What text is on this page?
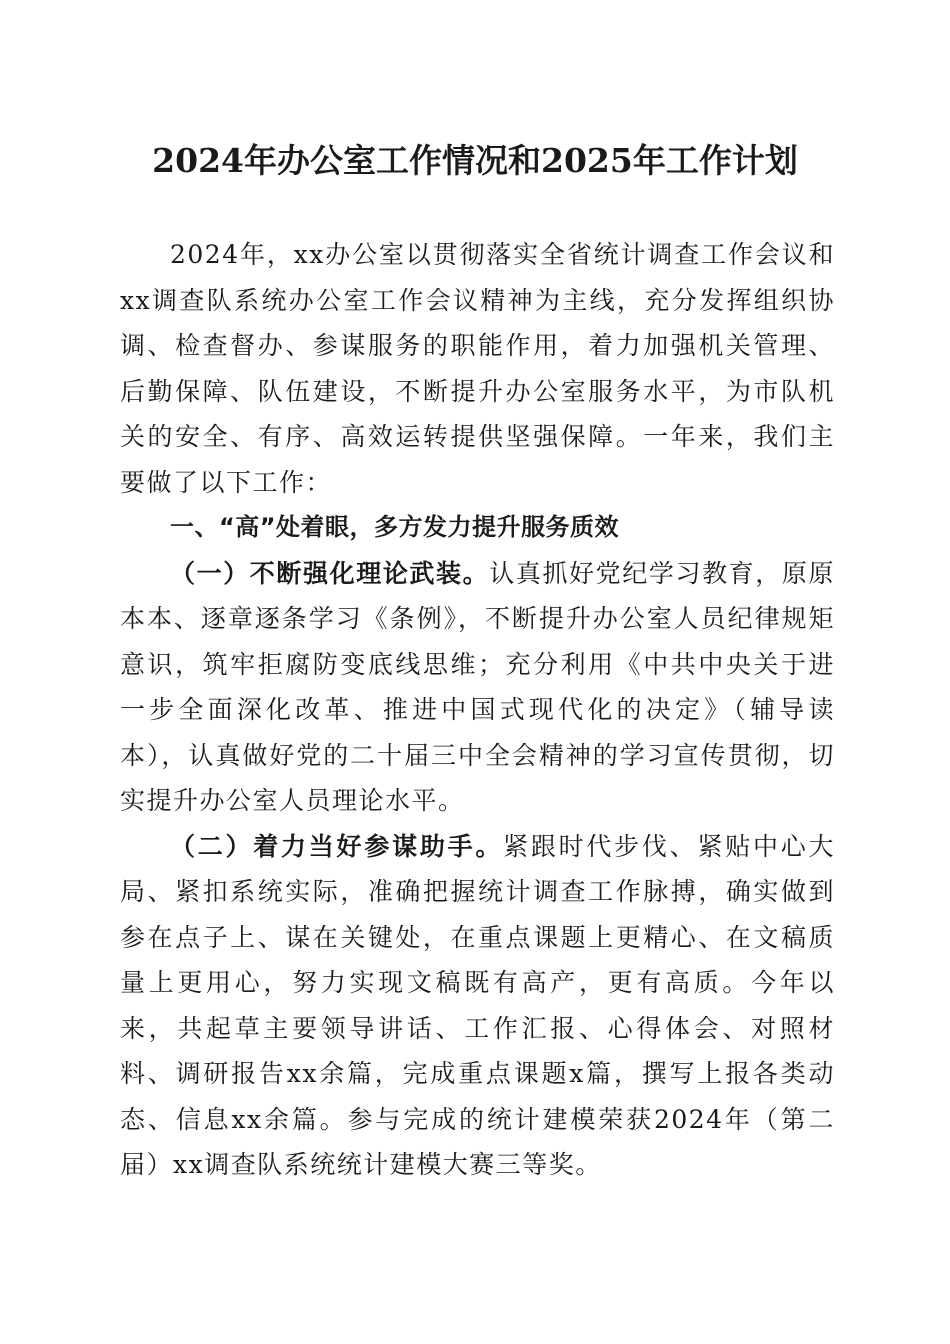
2024年办公室工作情况和2025年工作计划

2024年，xx办公室以贯彻落实全省统计调查工作会议和xx调查队系统办公室工作会议精神为主线，充分发挥组织协调、检查督办、参谋服务的职能作用，着力加强机关管理、后勤保障、队伍建设，不断提升办公室服务水平，为市队机关的安全、有序、高效运转提供坚强保障。一年来，我们主要做了以下工作：

一、“高”处着眼，多方发力提升服务质效

（一）不断强化理论武装。认真抓好党纪学习教育，原原本本、逐章逐条学习《条例》，不断提升办公室人员纪律规矩意识，筑牢拒腐防变底线思维；充分利用《中共中央关于进一步全面深化改革、推进中国式现代化的决定》（辅导读本），认真做好党的二十届三中全会精神的学习宣传贯彻，切实提升办公室人员理论水平。

（二）着力当好参谋助手。紧跟时代步伐、紧贴中心大局、紧扣系统实际，准确把握统计调查工作脉搏，确实做到参在点子上、谋在关键处，在重点课题上更精心、在文稿质量上更用心，努力实现文稿既有高产，更有高质。今年以来，共起草主要领导讲话、工作汇报、心得体会、对照材料、调研报告xx余篇，完成重点课题x篇，撰写上报各类动态、信息xx余篇。参与完成的统计建模荣获2024年（第二届）xx调查队系统统计建模大赛三等奖。
